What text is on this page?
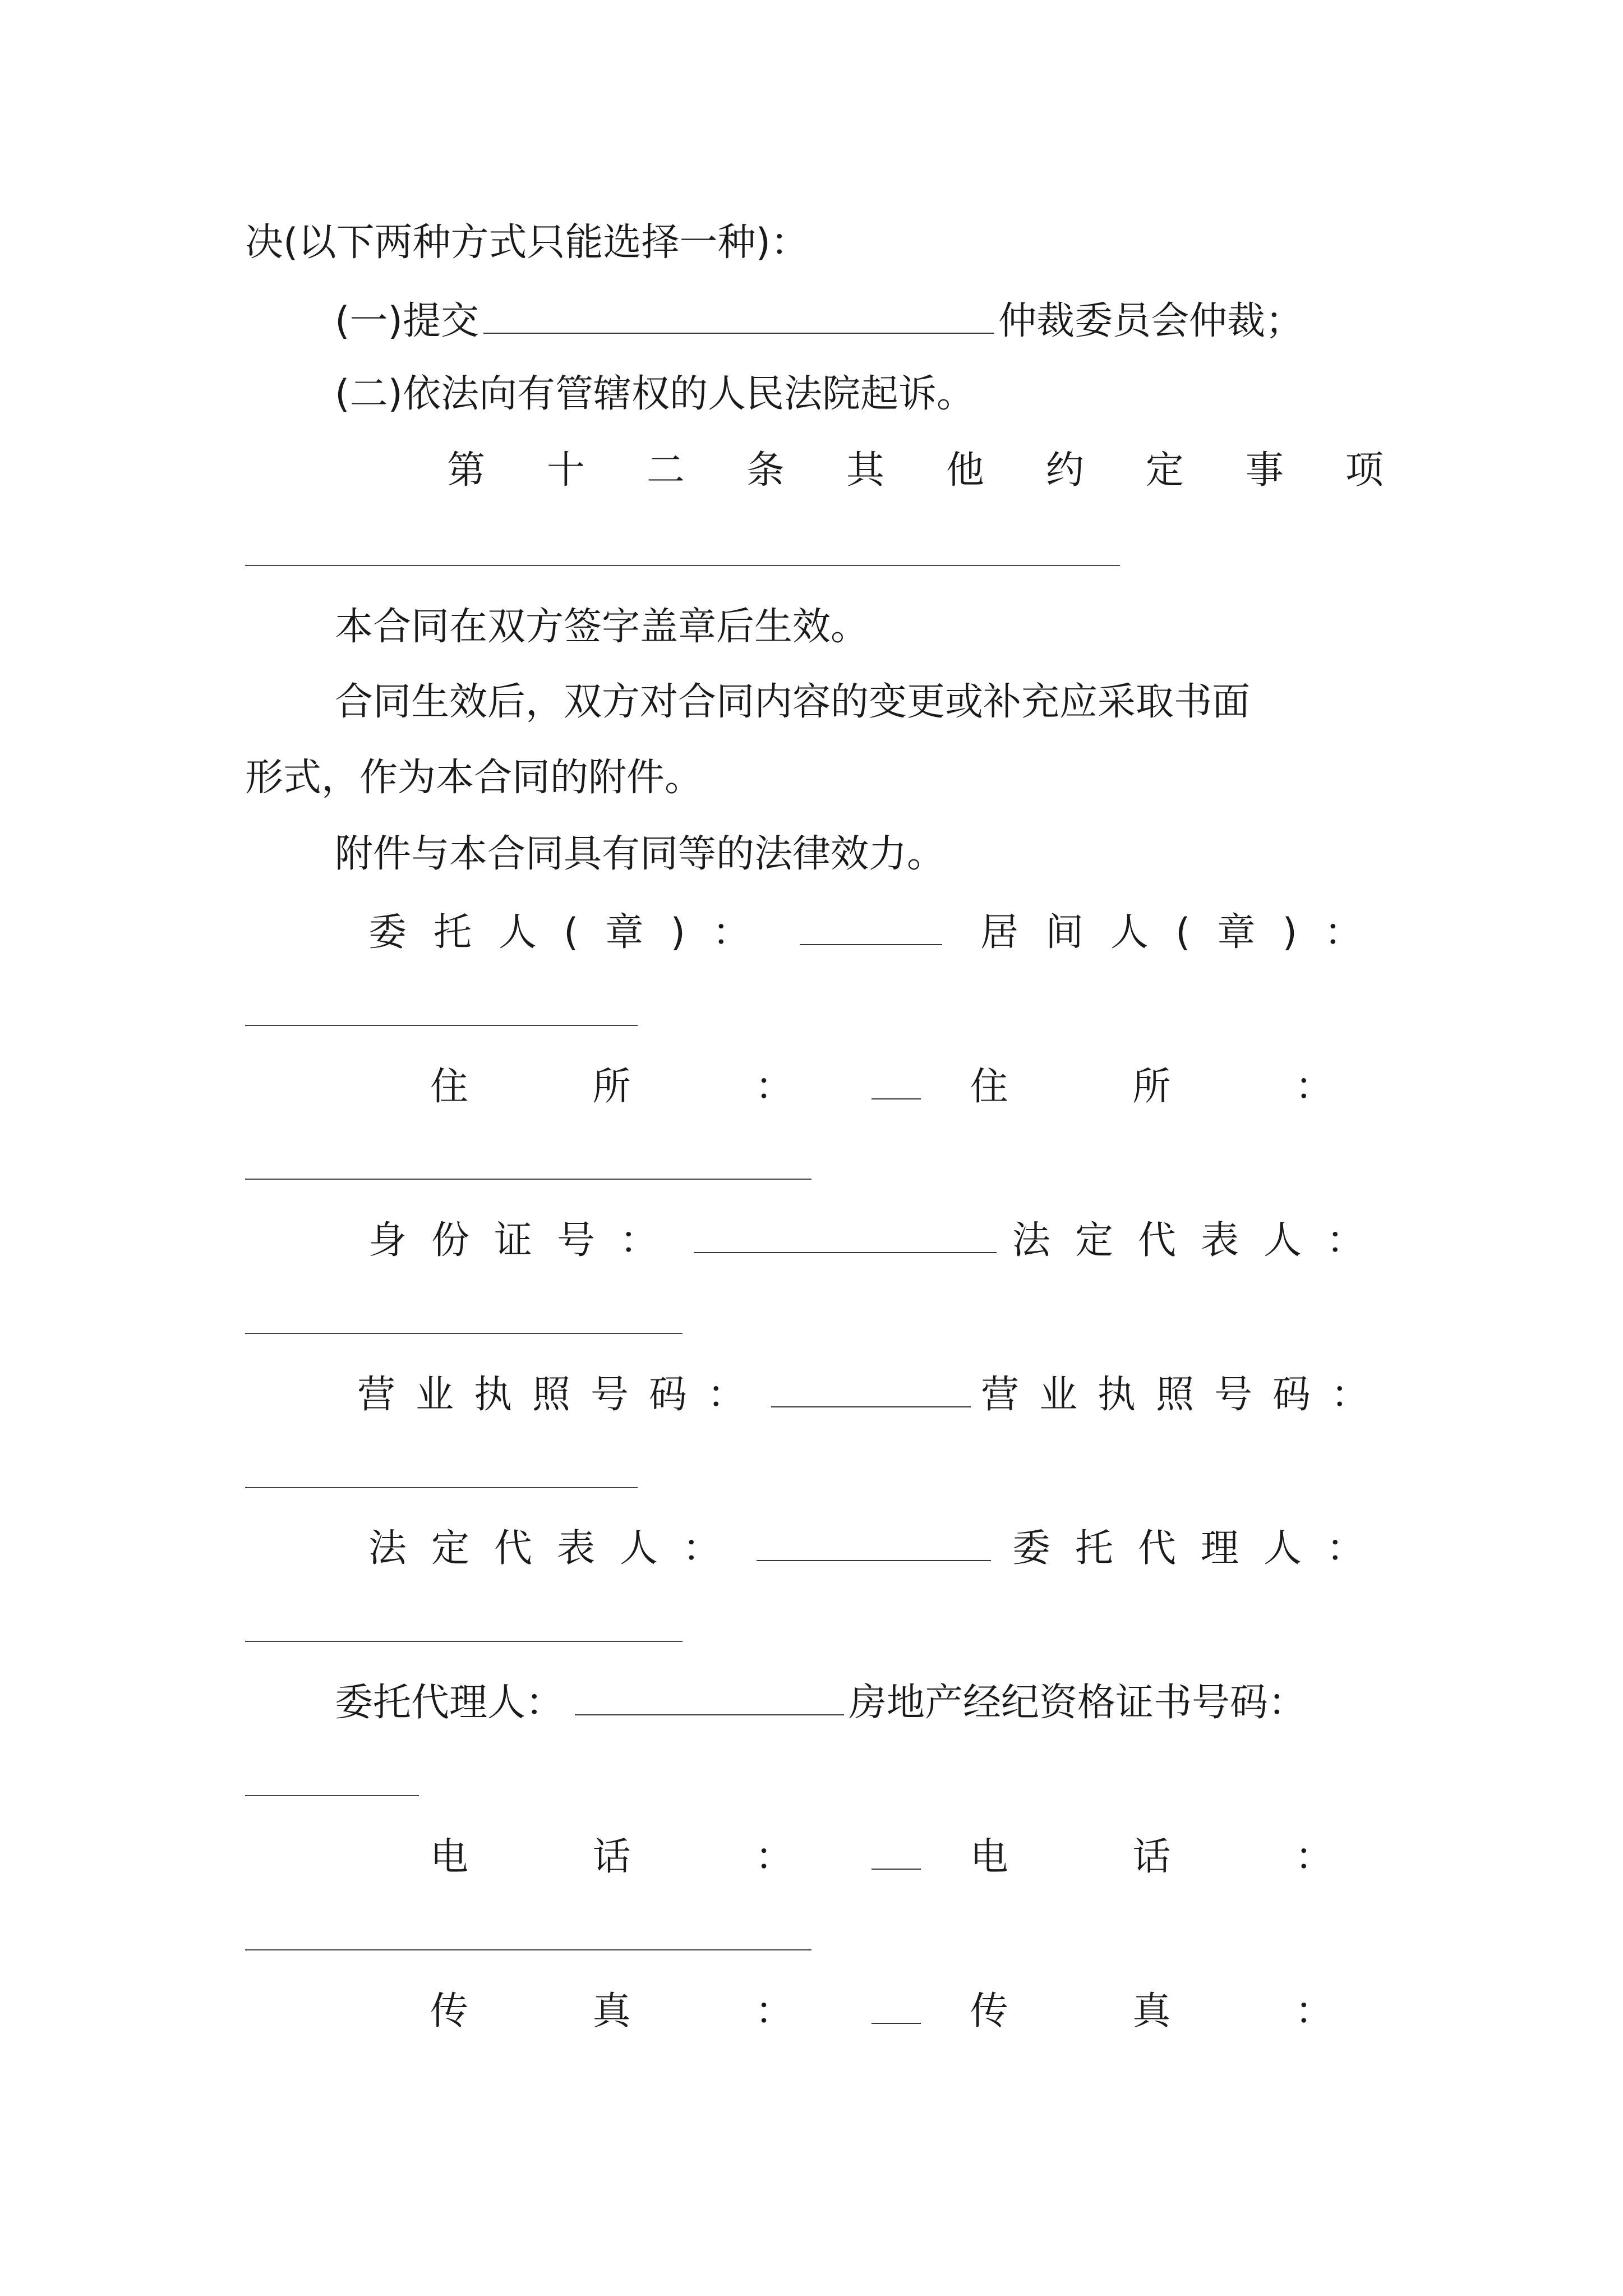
决(以下两种方式只能选择一种)：
(一)提交	仲裁委员会仲裁；
(二)依法向有管辖权的人民法院起诉。
第 十 二 条 其 他 约 定 事 项
本合同在双方签字盖章后生效。
合同生效后，双方对合同内容的变更或补充应采取书面
形式，作为本合同的附件。
附件与本合同具有同等的法律效力。
委托人(章)：	居间人(章)：
住 所 ：	住 所 ：
身份证号：	法定代表人：
营业执照号码：	营业执照号码：
法定代表人：	委托代理人：
委托代理人：	房地产经纪资格证书号码：
电 话 ：	电 话 ：
传 真 ：	传 真 ：
